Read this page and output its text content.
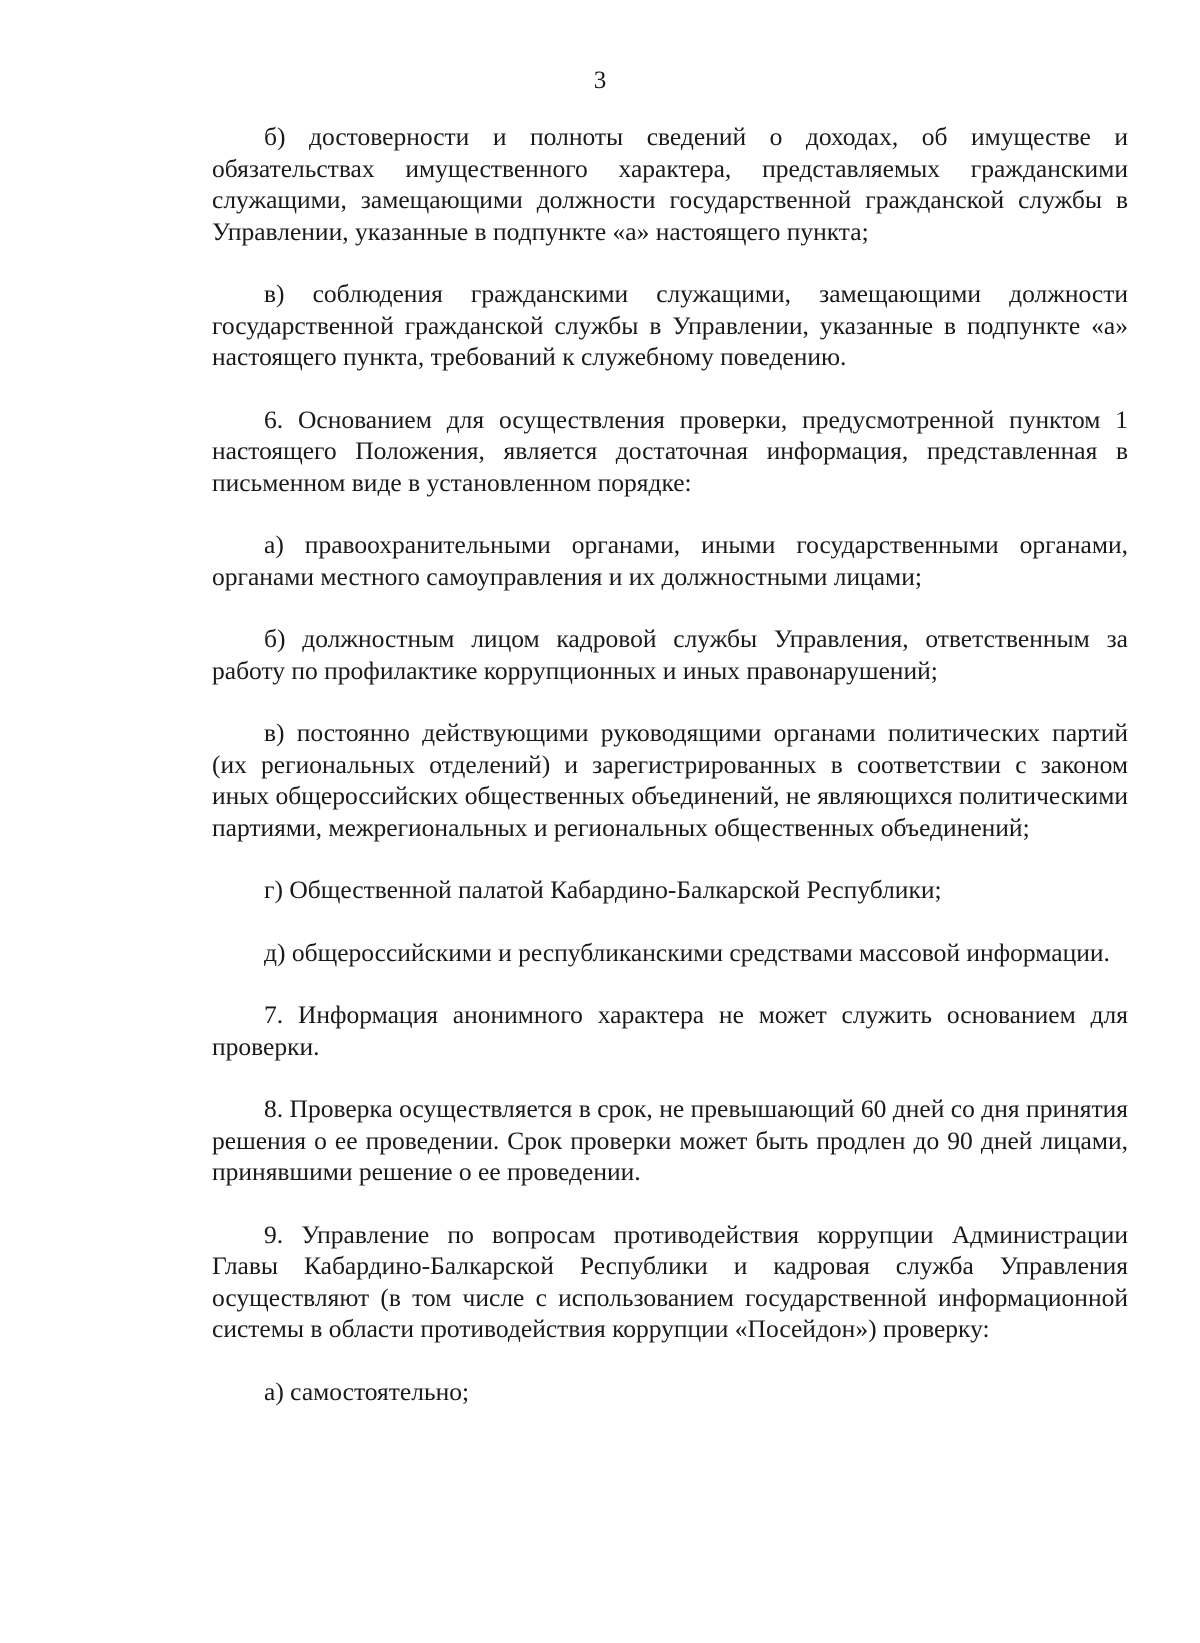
3

б) достоверности и полноты сведений о доходах, об имуществе и обязательствах имущественного характера, представляемых гражданскими служащими, замещающими должности государственной гражданской службы в Управлении, указанные в подпункте «а» настоящего пункта;

в) соблюдения гражданскими служащими, замещающими должности государственной гражданской службы в Управлении, указанные в подпункте «а» настоящего пункта, требований к служебному поведению.

6. Основанием для осуществления проверки, предусмотренной пунктом 1 настоящего Положения, является достаточная информация, представленная в письменном виде в установленном порядке:

а) правоохранительными органами, иными государственными органами, органами местного самоуправления и их должностными лицами;

б) должностным лицом кадровой службы Управления, ответственным за работу по профилактике коррупционных и иных правонарушений;

в) постоянно действующими руководящими органами политических партий (их региональных отделений) и зарегистрированных в соответствии с законом иных общероссийских общественных объединений, не являющихся политическими партиями, межрегиональных и региональных общественных объединений;

г) Общественной палатой Кабардино-Балкарской Республики;

д) общероссийскими и республиканскими средствами массовой информации.

7. Информация анонимного характера не может служить основанием для проверки.

8. Проверка осуществляется в срок, не превышающий 60 дней со дня принятия решения о ее проведении. Срок проверки может быть продлен до 90 дней лицами, принявшими решение о ее проведении.

9. Управление по вопросам противодействия коррупции Администрации Главы Кабардино-Балкарской Республики и кадровая служба Управления осуществляют (в том числе с использованием государственной информационной системы в области противодействия коррупции «Посейдон») проверку:

а) самостоятельно;
